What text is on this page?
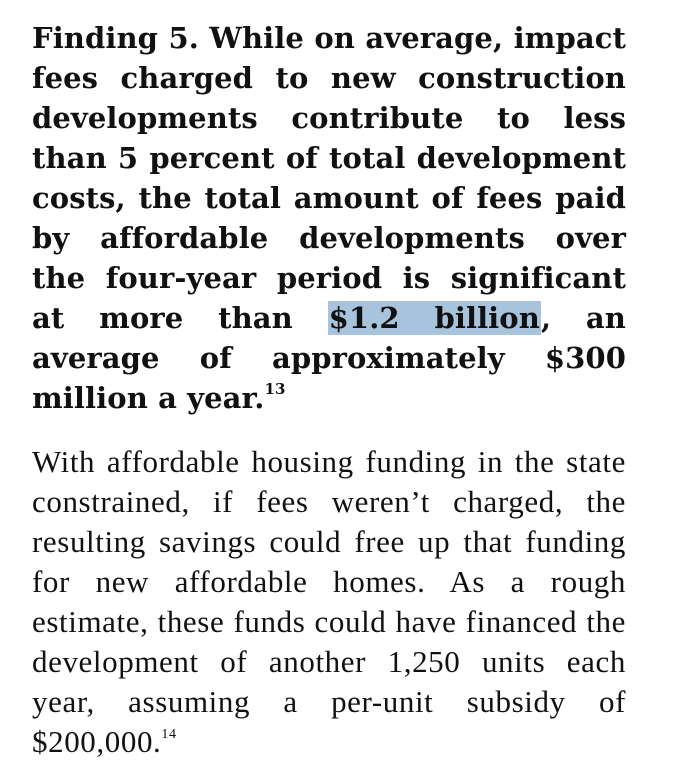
Finding 5. While on average, impact fees charged to new construction developments contribute to less than 5 percent of total development costs, the total amount of fees paid by affordable developments over the four-year period is significant at more than $1.2 billion, an average of approximately $300 million a year.$^{13}$

With affordable housing funding in the state constrained, if fees weren’t charged, the resulting savings could free up that funding for new affordable homes. As a rough estimate, these funds could have financed the development of another 1,250 units each year, assuming a per-unit subsidy of $200,000.14
